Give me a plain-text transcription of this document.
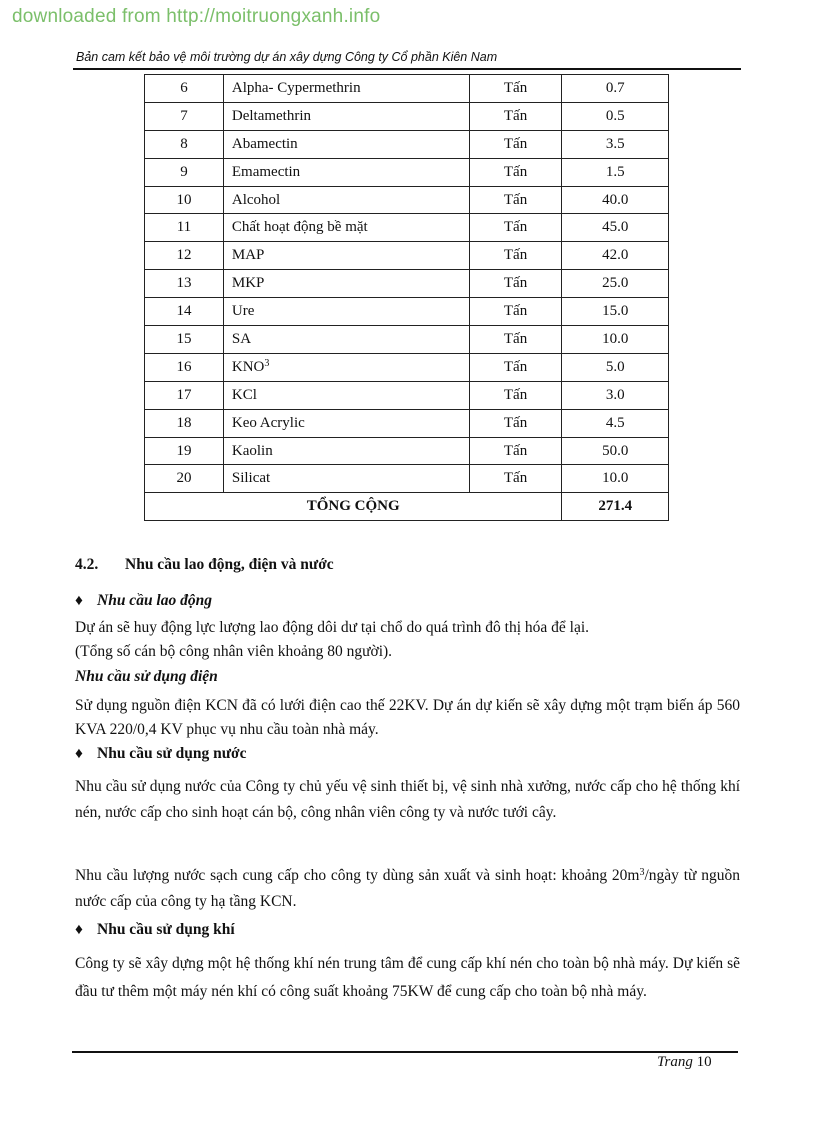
downloaded from http://moitruongxanh.info
Bản cam kết bảo vệ môi trường dự án xây dựng Công ty Cổ phần Kiên Nam
6	Alpha- Cypermethrin	Tấn	0.7
7	Deltamethrin	Tấn	0.5
8	Abamectin	Tấn	3.5
9	Emamectin	Tấn	1.5
10	Alcohol	Tấn	40.0
11	Chất hoạt động bề mặt	Tấn	45.0
12	MAP	Tấn	42.0
13	MKP	Tấn	25.0
14	Ure	Tấn	15.0
15	SA	Tấn	10.0
16	KNO$^3$	Tấn	5.0
17	KCl	Tấn	3.0
18	Keo Acrylic	Tấn	4.5
19	Kaolin	Tấn	50.0
20	Silicat	Tấn	10.0
TỔNG CỘNG			271.4
4.2. Nhu cầu lao động, điện và nước
♦ Nhu cầu lao động

Dự án sẽ huy động lực lượng lao động dôi dư tại chổ do quá trình đô thị hóa để lại.

(Tổng số cán bộ công nhân viên khoảng 80 người).

Nhu cầu sử dụng điện

Sử dụng nguồn điện KCN đã có lưới điện cao thế 22KV. Dự án dự kiến sẽ xây dựng một trạm biến áp 560 KVA 220/0,4 KV phục vụ nhu cầu toàn nhà máy.

♦ Nhu cầu sử dụng nước

Nhu cầu sử dụng nước của Công ty chủ yếu vệ sinh thiết bị, vệ sinh nhà xưởng, nước cấp cho hệ thống khí nén, nước cấp cho sinh hoạt cán bộ, công nhân viên công ty và nước tưới cây.

Nhu cầu lượng nước sạch cung cấp cho công ty dùng sản xuất và sinh hoạt: khoảng $20m^3$/ngày từ nguồn nước cấp của công ty hạ tầng KCN.

♦ Nhu cầu sử dụng khí

Công ty sẽ xây dựng một hệ thống khí nén trung tâm để cung cấp khí nén cho toàn bộ nhà máy. Dự kiến sẽ đầu tư thêm một máy nén khí có công suất khoảng 75KW để cung cấp cho toàn bộ nhà máy.

Trang 10
